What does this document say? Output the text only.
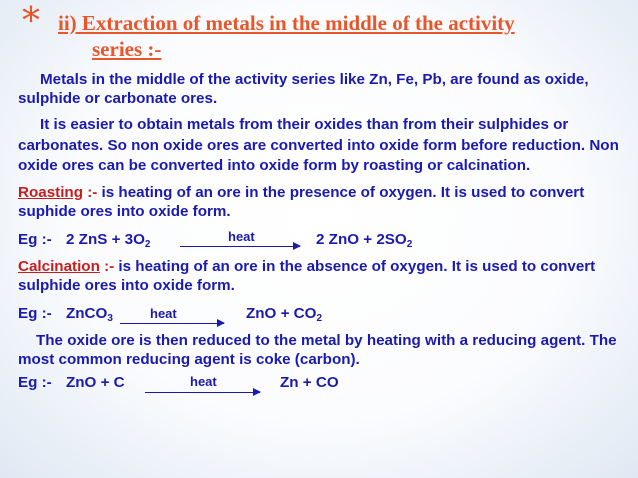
* ii) Extraction of metals in the middle of the activity
series :-
heat
heat
heat

Metals in the middle of the activity series like Zn, Fe, Pb, are found as oxide, sulphide or carbonate ores.

It is easier to obtain metals from their oxides than from their sulphides or carbonates. So non oxide ores are converted into oxide form before reduction. Non oxide ores can be converted into oxide form by roasting or calcination.

Roasting :- is heating of an ore in the presence of oxygen. It is used to convert suphide ores into oxide form.

Eg :- 2 ZnS + $3O_2$	2 ZnO + $2SO_2$

Calcination :- is heating of an ore in the absence of oxygen. It is used to convert sulphide ores into oxide form.

Eg :- ZnCO$_3$	ZnO + $CO_2$

The oxide ore is then reduced to the metal by heating with a reducing agent. The most common reducing agent is coke (carbon).

Eg :- ZnO + C	Zn + CO
